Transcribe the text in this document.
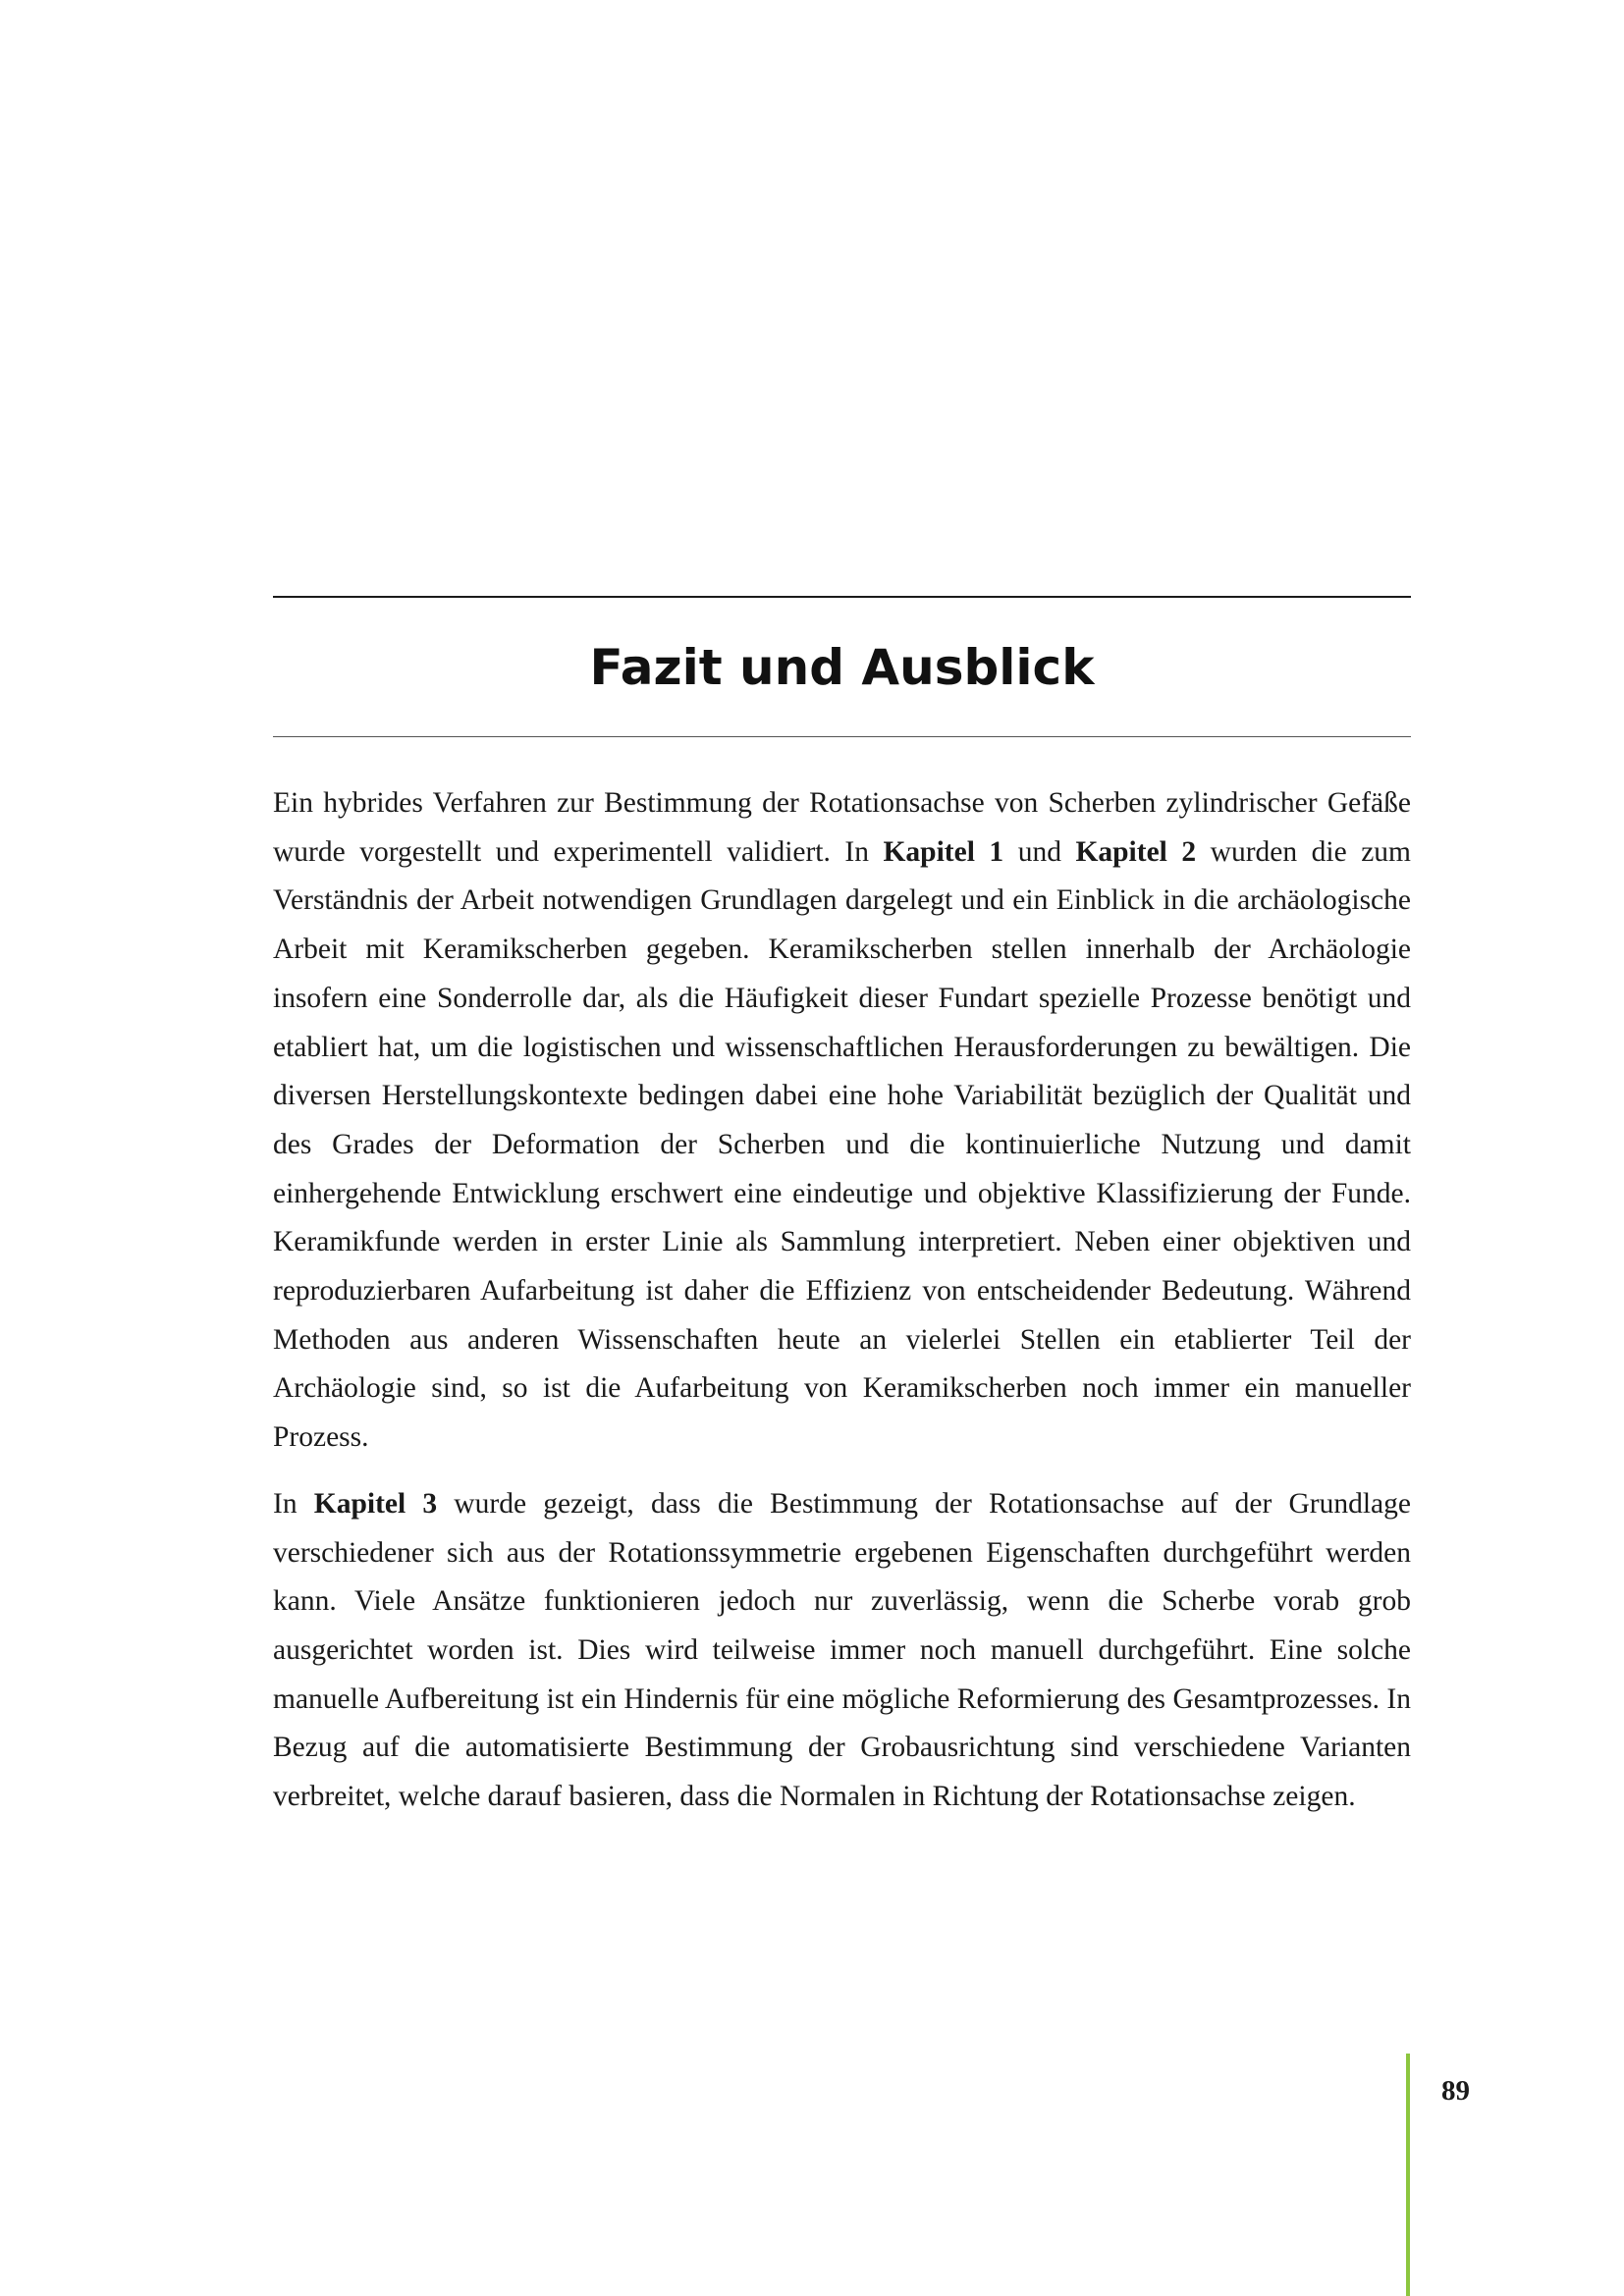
Fazit und Ausblick

Ein hybrides Verfahren zur Bestimmung der Rotationsachse von Scherben zylindrischer Gefäße wurde vorgestellt und experimentell validiert. In Kapitel 1 und Kapitel 2 wurden die zum Verständnis der Arbeit notwendigen Grundlagen dargelegt und ein Einblick in die archäologische Arbeit mit Keramikscherben gegeben. Keramikscherben stellen innerhalb der Archäologie insofern eine Sonderrolle dar, als die Häufigkeit dieser Fundart spezielle Prozesse benötigt und etabliert hat, um die logistischen und wissenschaftlichen Herausforderungen zu bewältigen. Die diversen Herstellungskontexte bedingen dabei eine hohe Variabilität bezüglich der Qualität und des Grades der Deformation der Scherben und die kontinuierliche Nutzung und damit einhergehende Entwicklung erschwert eine eindeutige und objektive Klassifizierung der Funde. Keramikfunde werden in erster Linie als Sammlung interpretiert. Neben einer objektiven und reproduzierbaren Aufarbeitung ist daher die Effizienz von entscheidender Bedeutung. Während Methoden aus anderen Wissenschaften heute an vielerlei Stellen ein etablierter Teil der Archäologie sind, so ist die Aufarbeitung von Keramikscherben noch immer ein manueller Prozess.

In Kapitel 3 wurde gezeigt, dass die Bestimmung der Rotationsachse auf der Grundlage verschiedener sich aus der Rotationssymmetrie ergebenen Eigenschaften durchgeführt werden kann. Viele Ansätze funktionieren jedoch nur zuverlässig, wenn die Scherbe vorab grob ausgerichtet worden ist. Dies wird teilweise immer noch manuell durchgeführt. Eine solche manuelle Aufbereitung ist ein Hindernis für eine mögliche Reformierung des Gesamtprozesses. In Bezug auf die automatisierte Bestimmung der Grobausrichtung sind verschiedene Varianten verbreitet, welche darauf basieren, dass die Normalen in Richtung der Rotationsachse zeigen.

89
